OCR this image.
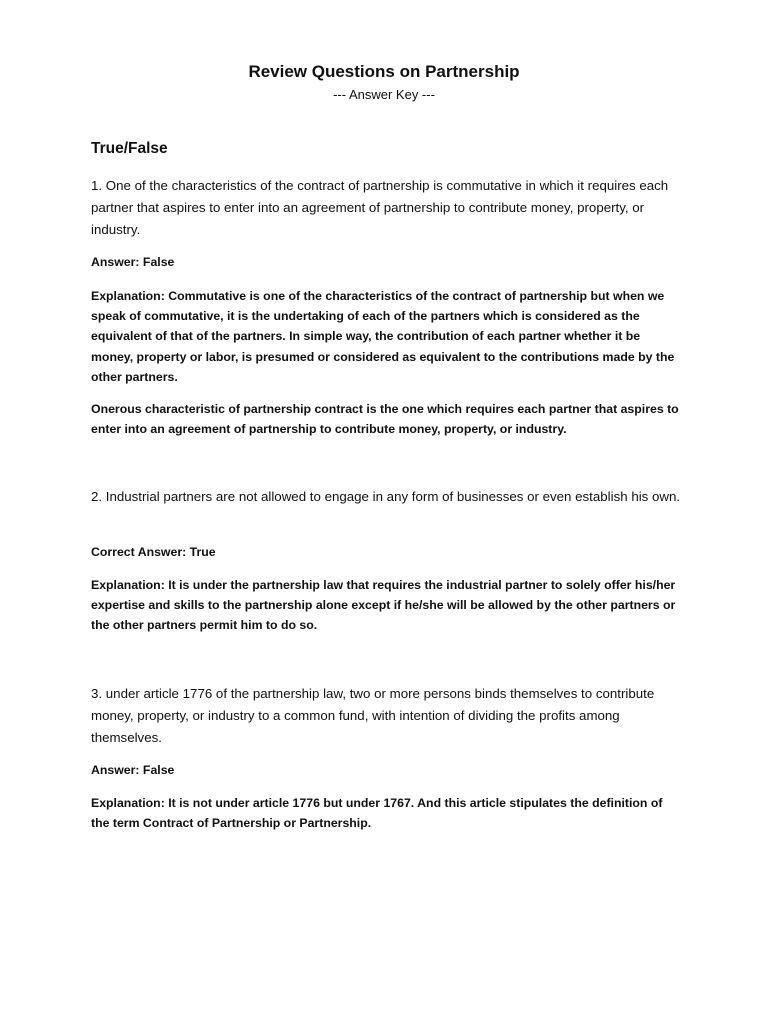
Review Questions on Partnership
--- Answer Key ---
True/False

1. One of the characteristics of the contract of partnership is commutative in which it requires each partner that aspires to enter into an agreement of partnership to contribute money, property, or industry.

Answer: False

Explanation: Commutative is one of the characteristics of the contract of partnership but when we speak of commutative, it is the undertaking of each of the partners which is considered as the equivalent of that of the partners. In simple way, the contribution of each partner whether it be money, property or labor, is presumed or considered as equivalent to the contributions made by the other partners.

Onerous characteristic of partnership contract is the one which requires each partner that aspires to enter into an agreement of partnership to contribute money, property, or industry.

2. Industrial partners are not allowed to engage in any form of businesses or even establish his own.

Correct Answer: True

Explanation: It is under the partnership law that requires the industrial partner to solely offer his/her expertise and skills to the partnership alone except if he/she will be allowed by the other partners or the other partners permit him to do so.

3. under article 1776 of the partnership law, two or more persons binds themselves to contribute money, property, or industry to a common fund, with intention of dividing the profits among themselves.

Answer: False

Explanation: It is not under article 1776 but under 1767. And this article stipulates the definition of the term Contract of Partnership or Partnership.
